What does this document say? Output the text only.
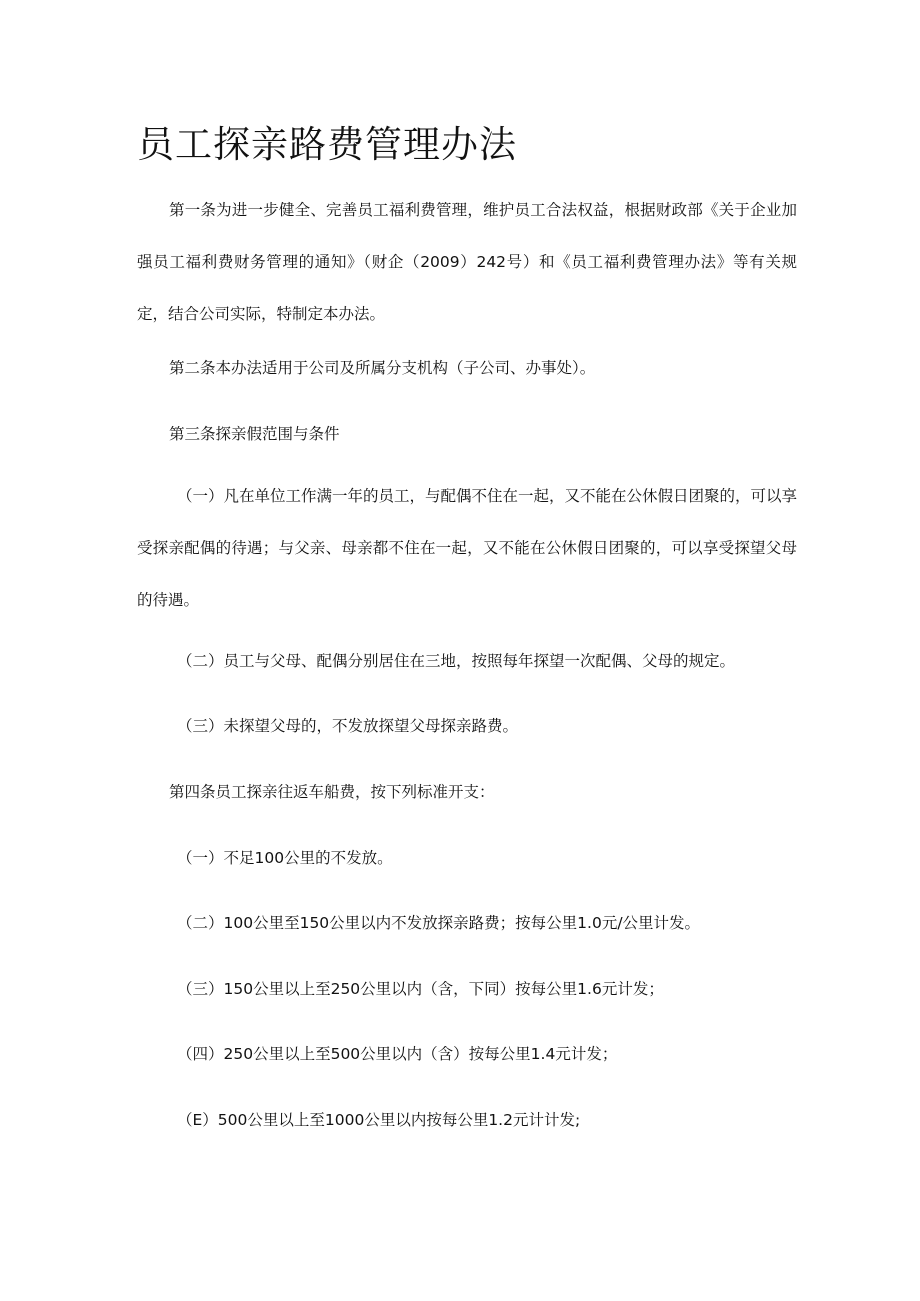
员工探亲路费管理办法

第一条为进一步健全、完善员工福利费管理，维护员工合法权益，根据财政部《关于企业加强员工福利费财务管理的通知》（财企（2009）242号）和《员工福利费管理办法》等有关规定，结合公司实际，特制定本办法。

第二条本办法适用于公司及所属分支机构（子公司、办事处）。

第三条探亲假范围与条件

（一）凡在单位工作满一年的员工，与配偶不住在一起，又不能在公休假日团聚的，可以享受探亲配偶的待遇；与父亲、母亲都不住在一起，又不能在公休假日团聚的，可以享受探望父母的待遇。

（二）员工与父母、配偶分别居住在三地，按照每年探望一次配偶、父母的规定。

（三）未探望父母的，不发放探望父母探亲路费。

第四条员工探亲往返车船费，按下列标准开支：

（一）不足100公里的不发放。

（二）100公里至150公里以内不发放探亲路费；按每公里1.0元/公里计发。

（三）150公里以上至250公里以内（含，下同）按每公里1.6元计发；

（四）250公里以上至500公里以内（含）按每公里1.4元计发；

（E）500公里以上至1000公里以内按每公里1.2元计计发;
